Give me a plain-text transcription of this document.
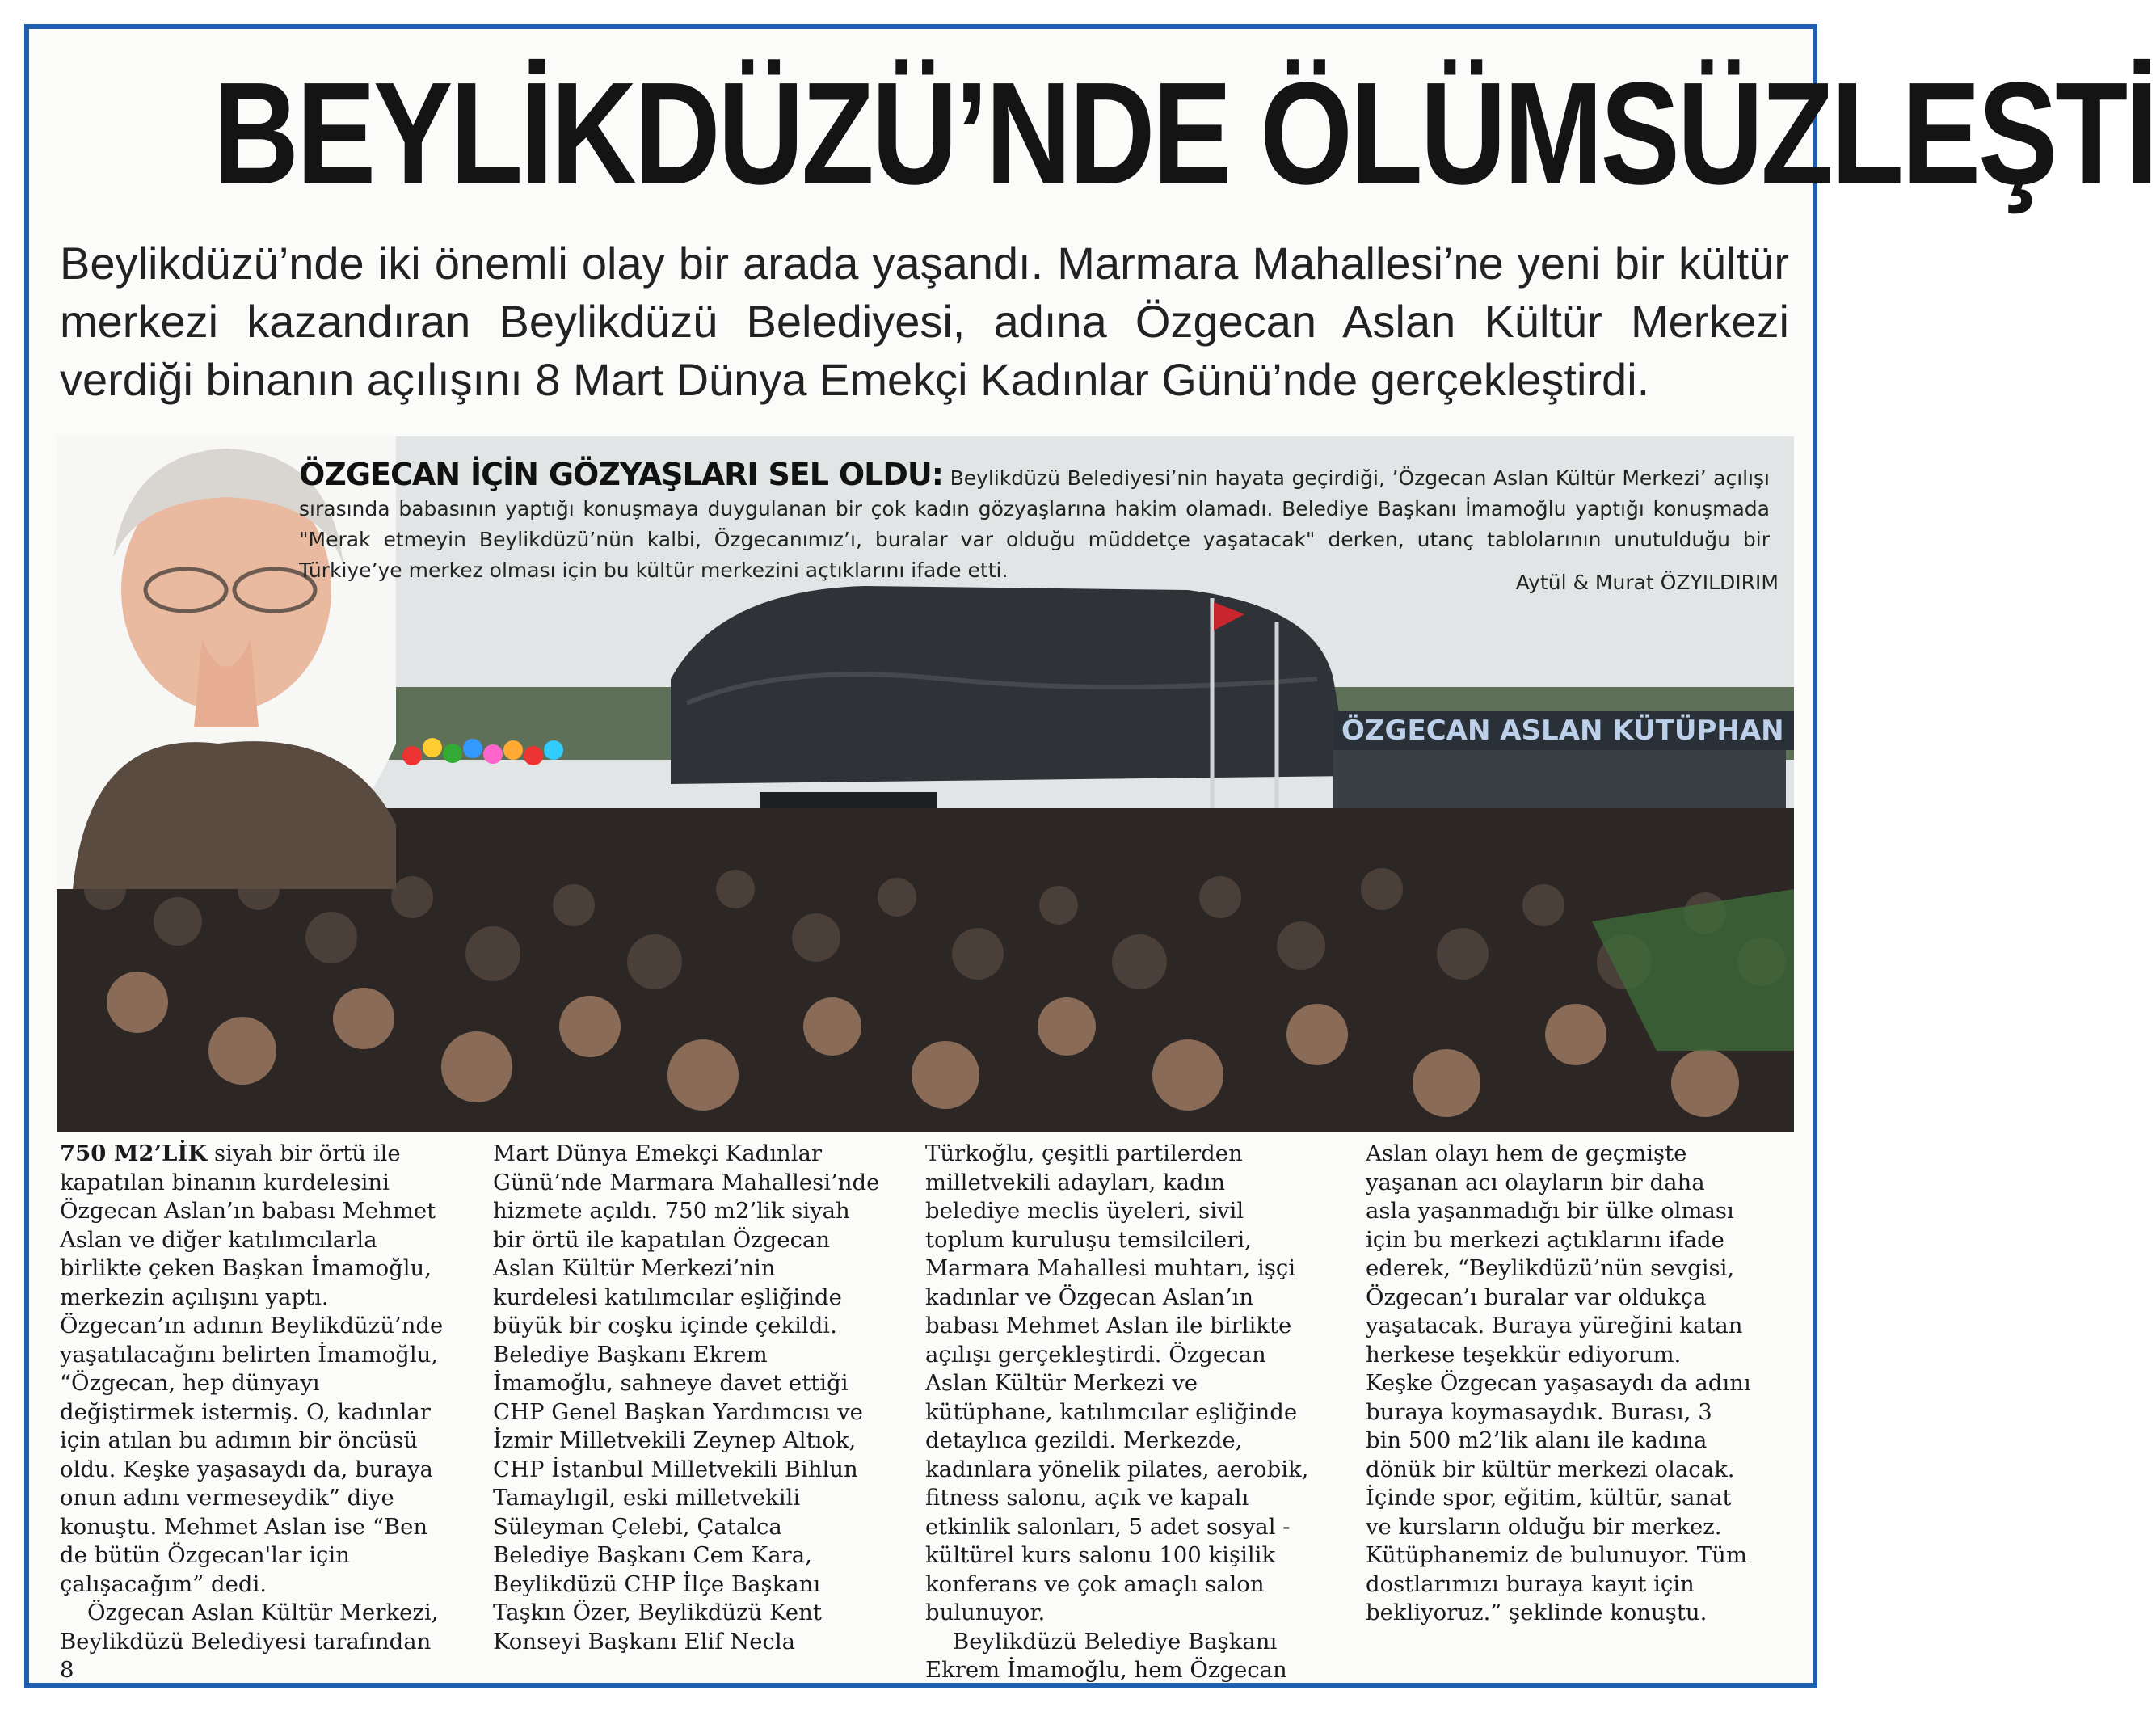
BEYLİKDÜZÜ’NDE ÖLÜMSÜZLEŞTİ
Beylikdüzü’nde iki önemli olay bir arada yaşandı. Marmara Mahallesi’ne yeni bir kültür merkezi kazandıran Beylikdüzü Belediyesi, adına Özgecan Aslan Kültür Merkezi verdiği binanın açılışını 8 Mart Dünya Emekçi Kadınlar Günü’nde gerçekleştirdi.
ÖZGECAN ASLAN KÜTÜPHAN
ÖZGECAN İÇİN GÖZYAŞLARI SEL OLDU: Beylikdüzü Belediyesi’nin hayata geçirdiği, ’Özgecan Aslan Kültür Merkezi’ açılışı sırasında babasının yaptığı konuşmaya duygulanan bir çok kadın gözyaşlarına hakim olamadı. Belediye Başkanı İmamoğlu yaptığı konuşmada "Merak etmeyin Beylikdüzü’nün kalbi, Özgecanımız’ı, buralar var olduğu müddetçe yaşatacak" derken, utanç tablolarının unutulduğu bir Türkiye’ye merkez olması için bu kültür merkezini açtıklarını ifade etti.
Aytül & Murat ÖZYILDIRIM
750 M2’LİK siyah bir örtü ile kapatılan binanın kurdelesini Özgecan Aslan’ın babası Mehmet Aslan ve diğer katılımcılarla birlikte çeken Başkan İmamoğlu, merkezin açılışını yaptı. Özgecan’ın adının Beylikdüzü’nde yaşatılacağını belirten İmamoğlu, “Özgecan, hep dünyayı değiştirmek istermiş. O, kadınlar için atılan bu adımın bir öncüsü oldu. Keşke yaşasaydı da, buraya onun adını vermeseydik” diye konuştu. Mehmet Aslan ise “Ben de bütün Özgecan'lar için çalışacağım” dedi.
Özgecan Aslan Kültür Merkezi, Beylikdüzü Belediyesi tarafından 8
Mart Dünya Emekçi Kadınlar Günü’nde Marmara Mahallesi’nde hizmete açıldı. 750 m2’lik siyah bir örtü ile kapatılan Özgecan Aslan Kültür Merkezi’nin kurdelesi katılımcılar eşliğinde büyük bir coşku içinde çekildi. Belediye Başkanı Ekrem İmamoğlu, sahneye davet ettiği CHP Genel Başkan Yardımcısı ve İzmir Milletvekili Zeynep Altıok, CHP İstanbul Milletvekili Bihlun Tamaylıgil, eski milletvekili Süleyman Çelebi, Çatalca Belediye Başkanı Cem Kara, Beylikdüzü CHP İlçe Başkanı Taşkın Özer, Beylikdüzü Kent Konseyi Başkanı Elif Necla
Türkoğlu, çeşitli partilerden milletvekili adayları, kadın belediye meclis üyeleri, sivil toplum kuruluşu temsilcileri, Marmara Mahallesi muhtarı, işçi kadınlar ve Özgecan Aslan’ın babası Mehmet Aslan ile birlikte açılışı gerçekleştirdi. Özgecan Aslan Kültür Merkezi ve kütüphane, katılımcılar eşliğinde detaylıca gezildi. Merkezde, kadınlara yönelik pilates, aerobik, fitness salonu, açık ve kapalı etkinlik salonları, 5 adet sosyal - kültürel kurs salonu 100 kişilik konferans ve çok amaçlı salon bulunuyor.
Beylikdüzü Belediye Başkanı Ekrem İmamoğlu, hem Özgecan
Aslan olayı hem de geçmişte yaşanan acı olayların bir daha asla yaşanmadığı bir ülke olması için bu merkezi açtıklarını ifade ederek, “Beylikdüzü’nün sevgisi, Özgecan’ı buralar var oldukça yaşatacak. Buraya yüreğini katan herkese teşekkür ediyorum. Keşke Özgecan yaşasaydı da adını buraya koymasaydık. Burası, 3 bin 500 m2’lik alanı ile kadına dönük bir kültür merkezi olacak. İçinde spor, eğitim, kültür, sanat ve kursların olduğu bir merkez. Kütüphanemiz de bulunuyor. Tüm dostlarımızı buraya kayıt için bekliyoruz.” şeklinde konuştu.
